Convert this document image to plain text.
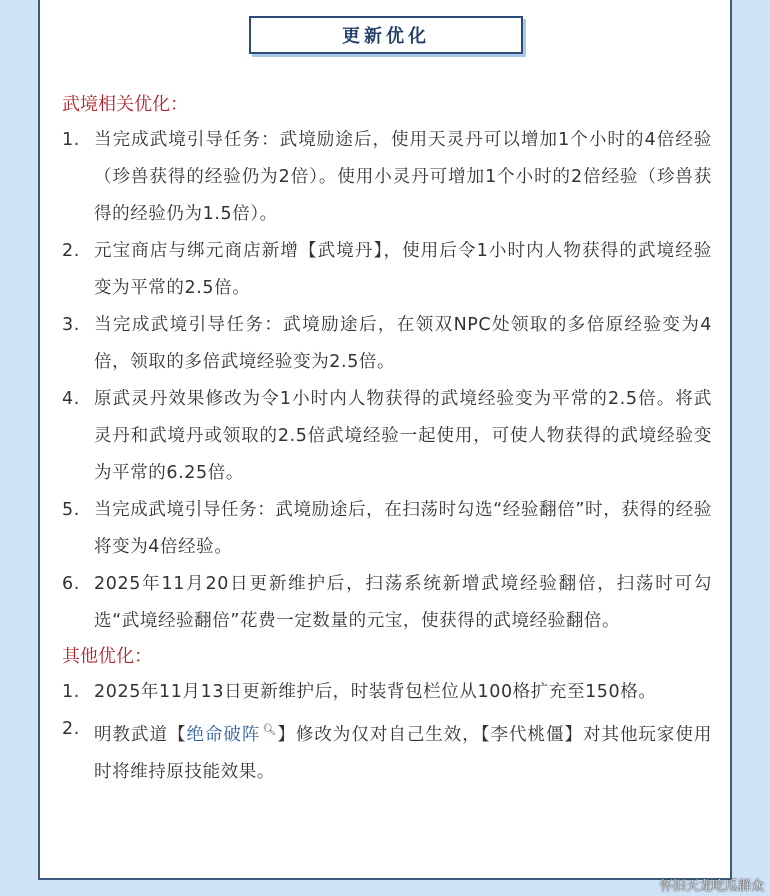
更新优化

武境相关优化：

1. 当完成武境引导任务：武境励途后，使用天灵丹可以增加1个小时的4倍经验（珍兽获得的经验仍为2倍）。使用小灵丹可增加1个小时的2倍经验（珍兽获得的经验仍为1.5倍）。
2. 元宝商店与绑元商店新增【武境丹】，使用后令1小时内人物获得的武境经验变为平常的2.5倍。
3. 当完成武境引导任务：武境励途后，在领双NPC处领取的多倍原经验变为4倍，领取的多倍武境经验变为2.5倍。
4. 原武灵丹效果修改为令1小时内人物获得的武境经验变为平常的2.5倍。将武灵丹和武境丹或领取的2.5倍武境经验一起使用，可使人物获得的武境经验变为平常的6.25倍。
5. 当完成武境引导任务：武境励途后，在扫荡时勾选“经验翻倍”时，获得的经验将变为4倍经验。
6. 2025年11月20日更新维护后，扫荡系统新增武境经验翻倍，扫荡时可勾选“武境经验翻倍”花费一定数量的元宝，使获得的武境经验翻倍。

其他优化：

1. 2025年11月13日更新维护后，时装背包栏位从100格扩充至150格。
2. 明教武道【绝命破阵 🔍︎】修改为仅对自己生效，【李代桃僵】对其他玩家使用时将维持原技能效果。
怀旧天龙吃瓜群众
